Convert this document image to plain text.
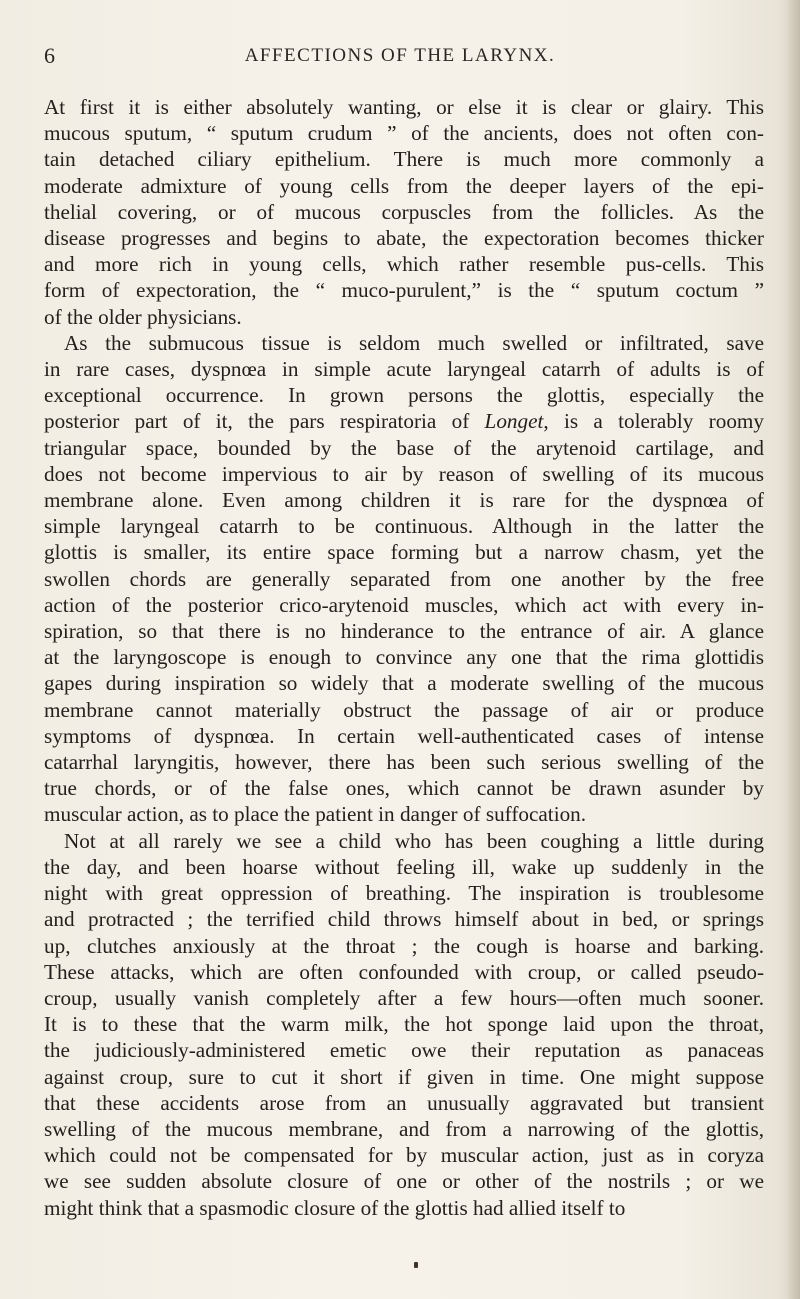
6	AFFECTIONS OF THE LARYNX.
At first it is either absolutely wanting, or else it is clear or glairy. This
mucous sputum, “ sputum crudum ” of the ancients, does not often con-
tain detached ciliary epithelium. There is much more commonly a
moderate admixture of young cells from the deeper layers of the epi-
thelial covering, or of mucous corpuscles from the follicles. As the
disease progresses and begins to abate, the expectoration becomes thicker
and more rich in young cells, which rather resemble pus-cells. This
form of expectoration, the “ muco-purulent,” is the “ sputum coctum ”
of the older physicians.
As the submucous tissue is seldom much swelled or infiltrated, save
in rare cases, dyspnœa in simple acute laryngeal catarrh of adults is of
exceptional occurrence. In grown persons the glottis, especially the
posterior part of it, the pars respiratoria of Longet, is a tolerably roomy
triangular space, bounded by the base of the arytenoid cartilage, and
does not become impervious to air by reason of swelling of its mucous
membrane alone. Even among children it is rare for the dyspnœa of
simple laryngeal catarrh to be continuous. Although in the latter the
glottis is smaller, its entire space forming but a narrow chasm, yet the
swollen chords are generally separated from one another by the free
action of the posterior crico-arytenoid muscles, which act with every in-
spiration, so that there is no hinderance to the entrance of air. A glance
at the laryngoscope is enough to convince any one that the rima glottidis
gapes during inspiration so widely that a moderate swelling of the mucous
membrane cannot materially obstruct the passage of air or produce
symptoms of dyspnœa. In certain well-authenticated cases of intense
catarrhal laryngitis, however, there has been such serious swelling of the
true chords, or of the false ones, which cannot be drawn asunder by
muscular action, as to place the patient in danger of suffocation.
Not at all rarely we see a child who has been coughing a little during
the day, and been hoarse without feeling ill, wake up suddenly in the
night with great oppression of breathing. The inspiration is troublesome
and protracted ; the terrified child throws himself about in bed, or springs
up, clutches anxiously at the throat ; the cough is hoarse and barking.
These attacks, which are often confounded with croup, or called pseudo-
croup, usually vanish completely after a few hours—often much sooner.
It is to these that the warm milk, the hot sponge laid upon the throat,
the judiciously-administered emetic owe their reputation as panaceas
against croup, sure to cut it short if given in time. One might suppose
that these accidents arose from an unusually aggravated but transient
swelling of the mucous membrane, and from a narrowing of the glottis,
which could not be compensated for by muscular action, just as in coryza
we see sudden absolute closure of one or other of the nostrils ; or we
might think that a spasmodic closure of the glottis had allied itself to
